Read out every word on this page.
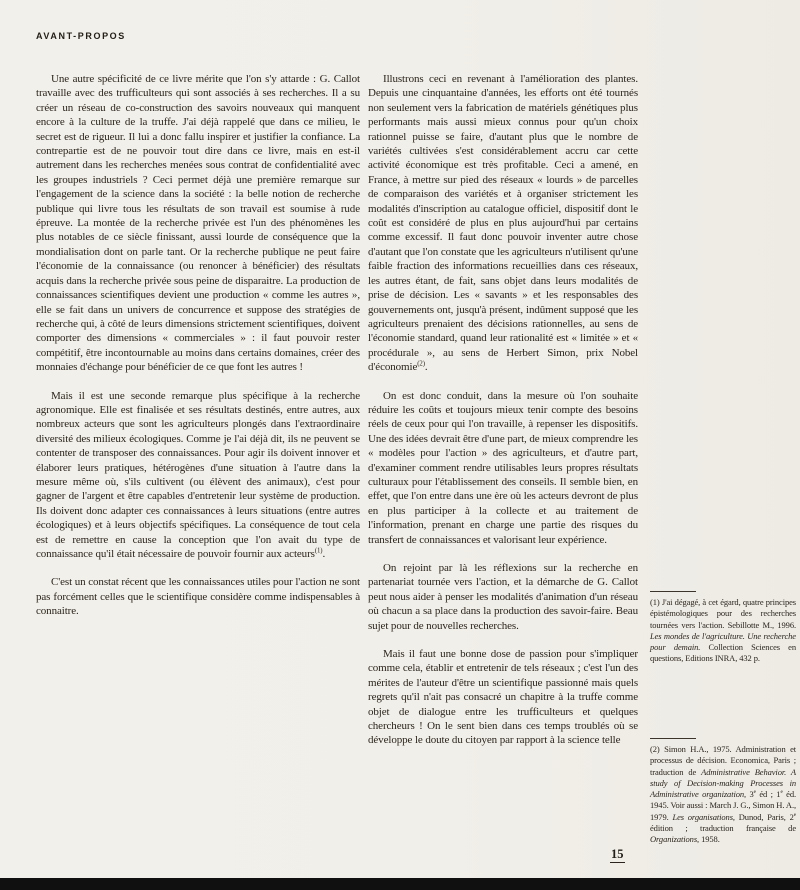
AVANT-PROPOS

Une autre spécificité de ce livre mérite que l'on s'y attarde : G. Callot travaille avec des trufficulteurs qui sont associés à ses recherches. Il a su créer un réseau de co-construction des savoirs nouveaux qui manquent encore à la culture de la truffe. J'ai déjà rappelé que dans ce milieu, le secret est de rigueur. Il lui a donc fallu inspirer et justifier la confiance. La contrepartie est de ne pouvoir tout dire dans ce livre, mais en est-il autrement dans les recherches menées sous contrat de confidentialité avec les groupes industriels ? Ceci permet déjà une première remarque sur l'engagement de la science dans la société : la belle notion de recherche publique qui livre tous les résultats de son travail est soumise à rude épreuve. La montée de la recherche privée est l'un des phénomènes les plus notables de ce siècle finissant, aussi lourde de conséquence que la mondialisation dont on parle tant. Or la recherche publique ne peut faire l'économie de la connaissance (ou renoncer à bénéficier) des résultats acquis dans la recherche privée sous peine de disparaitre. La production de connaissances scientifiques devient une production « comme les autres », elle se fait dans un univers de concurrence et suppose des stratégies de recherche qui, à côté de leurs dimensions strictement scientifiques, doivent comporter des dimensions « commerciales » : il faut pouvoir rester compétitif, être incontournable au moins dans certains domaines, créer des monnaies d'échange pour bénéficier de ce que font les autres !

Mais il est une seconde remarque plus spécifique à la recherche agronomique. Elle est finalisée et ses résultats destinés, entre autres, aux nombreux acteurs que sont les agriculteurs plongés dans l'extraordinaire diversité des milieux écologiques. Comme je l'ai déjà dit, ils ne peuvent se contenter de transposer des connaissances. Pour agir ils doivent innover et élaborer leurs pratiques, hétérogènes d'une situation à l'autre dans la mesure même où, s'ils cultivent (ou élèvent des animaux), c'est pour gagner de l'argent et être capables d'entretenir leur système de production. Ils doivent donc adapter ces connaissances à leurs situations (entre autres écologiques) et à leurs objectifs spécifiques. La conséquence de tout cela est de remettre en cause la conception que l'on avait du type de connaissance qu'il était nécessaire de pouvoir fournir aux acteurs$^{(1)}$.

C'est un constat récent que les connaissances utiles pour l'action ne sont pas forcément celles que le scientifique considère comme indispensables à connaitre.

Illustrons ceci en revenant à l'amélioration des plantes. Depuis une cinquantaine d'années, les efforts ont été tournés non seulement vers la fabrication de matériels génétiques plus performants mais aussi mieux connus pour qu'un choix rationnel puisse se faire, d'autant plus que le nombre de variétés cultivées s'est considérablement accru car cette activité économique est très profitable. Ceci a amené, en France, à mettre sur pied des réseaux « lourds » de parcelles de comparaison des variétés et à organiser strictement les modalités d'inscription au catalogue officiel, dispositif dont le coût est considéré de plus en plus aujourd'hui par certains comme excessif. Il faut donc pouvoir inventer autre chose d'autant que l'on constate que les agriculteurs n'utilisent qu'une faible fraction des informations recueillies dans ces réseaux, les autres étant, de fait, sans objet dans leurs modalités de prise de décision. Les « savants » et les responsables des gouvernements ont, jusqu'à présent, indûment supposé que les agriculteurs prenaient des décisions rationnelles, au sens de l'économie standard, quand leur rationalité est « limitée » et « procédurale », au sens de Herbert Simon, prix Nobel d'économie$^{(2)}$.

On est donc conduit, dans la mesure où l'on souhaite réduire les coûts et toujours mieux tenir compte des besoins réels de ceux pour qui l'on travaille, à repenser les dispositifs. Une des idées devrait être d'une part, de mieux comprendre les « modèles pour l'action » des agriculteurs, et d'autre part, d'examiner comment rendre utilisables leurs propres résultats culturaux pour l'établissement des conseils. Il semble bien, en effet, que l'on entre dans une ère où les acteurs devront de plus en plus participer à la collecte et au traitement de l'information, prenant en charge une partie des risques du transfert de connaissances et valorisant leur expérience.

On rejoint par là les réflexions sur la recherche en partenariat tournée vers l'action, et la démarche de G. Callot peut nous aider à penser les modalités d'animation d'un réseau où chacun a sa place dans la production des savoir-faire. Beau sujet pour de nouvelles recherches.

Mais il faut une bonne dose de passion pour s'impliquer comme cela, établir et entretenir de tels réseaux ; c'est l'un des mérites de l'auteur d'être un scientifique passionné mais quels regrets qu'il n'ait pas consacré un chapitre à la truffe comme objet de dialogue entre les trufficulteurs et quelques chercheurs ! On le sent bien dans ces temps troublés où se développe le doute du citoyen par rapport à la science telle

(1) J'ai dégagé, à cet égard, quatre principes épistémologiques pour des recherches tournées vers l'action. Sebillotte M., 1996. Les mondes de l'agriculture. Une recherche pour demain. Collection Sciences en questions, Editions INRA, 432 p.
(2) Simon H.A., 1975. Administration et processus de décision. Economica, Paris ; traduction de Administrative Behavior. A study of Decision-making Processes in Administrative organization, 3e éd ; 1e éd. 1945. Voir aussi : March J. G., Simon H. A., 1979. Les organisations, Dunod, Paris, 2e édition ; traduction française de Organizations, 1958.
15
